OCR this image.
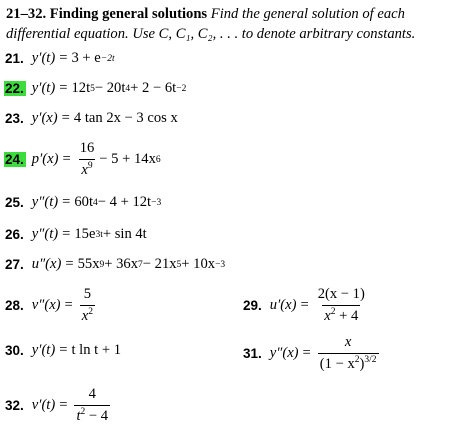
21–32. Finding general solutions Find the general solution of each
differential equation. Use C, C₁, C₂, . . . to denote arbitrary constants.
21. y′(t) = 3 + e −2t
22. y′(t) = 12t 5 − 20t 4 + 2 − 6t −2
23. y′(x) = 4 tan 2x − 3 cos x
24. $p'(x) = \frac{16}{x^9} - 5 + 14x$ 6
25. y″(t) = 60t 4 − 4 + 12t −3
26. y″(t) = 15e 3t + sin 4t
27. u″(x) = 55x 9 + 36x 7 − 21x 5 + 10x −3
28. $v''(x) = \frac{5}{x^2}$	29. $u'(x) = \frac{2(x - 1)}{x^2 + 4}$
30. y′(t) = t ln t + 1	31. $y''(x) = \frac{x}{(1 - x^2)^{3/2}}$
32. $v'(t) = \frac{4}{t^2 - 4}$
